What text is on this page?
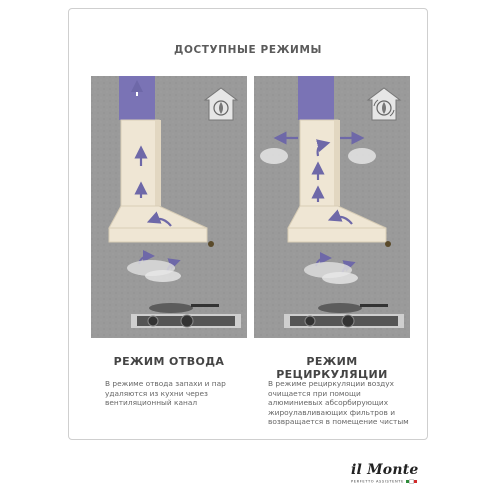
ДОСТУПНЫЕ РЕЖИМЫ
РЕЖИМ ОТВОДА	РЕЖИМ РЕЦИРКУЛЯЦИИ
В режиме отвода запахи и пар удаляются из кухни через вентиляционный канал
В режиме рециркуляции воздух очищается при помощи алюминиевых абсорбирующих жироулавливающих фильтров и возвращается в помещение чистым
il Monte
PERFETTO ASSISTENTE
